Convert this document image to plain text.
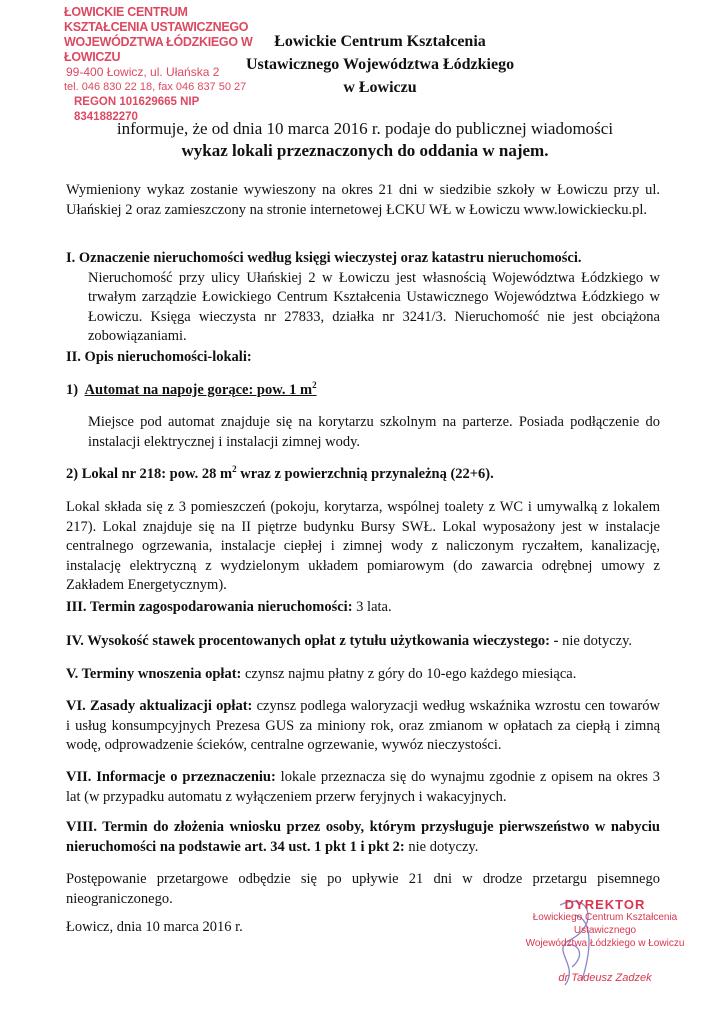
ŁOWICKIE CENTRUM KSZTAŁCENIA USTAWICZNEGO
WOJEWÓDZTWA ŁÓDZKIEGO W ŁOWICZU
99-400 Łowicz, ul. Ułańska 2
tel. 046 830 22 18, fax 046 837 50 27
REGON 101629665 NIP 8341882270
Łowickie Centrum Kształcenia
Ustawicznego Województwa Łódzkiego
w Łowiczu
informuje, że od dnia 10 marca 2016 r. podaje do publicznej wiadomości
wykaz lokali przeznaczonych do oddania w najem.
Wymieniony wykaz zostanie wywieszony na okres 21 dni w siedzibie szkoły w Łowiczu przy ul. Ułańskiej 2 oraz zamieszczony na stronie internetowej ŁCKU WŁ w Łowiczu www.lowickiecku.pl.
I. Oznaczenie nieruchomości według księgi wieczystej oraz katastru nieruchomości.
Nieruchomość przy ulicy Ułańskiej 2 w Łowiczu jest własnością Województwa Łódzkiego w trwałym zarządzie Łowickiego Centrum Kształcenia Ustawicznego Województwa Łódzkiego w Łowiczu. Księga wieczysta nr 27833, działka nr 3241/3. Nieruchomość nie jest obciążona zobowiązaniami.
II. Opis nieruchomości-lokali:
1) Automat na napoje gorące: pow. 1 $m^2$
Miejsce pod automat znajduje się na korytarzu szkolnym na parterze. Posiada podłączenie do instalacji elektrycznej i instalacji zimnej wody.
2) Lokal nr 218: pow. 28 $m^2$ wraz z powierzchnią przynależną (22+6).
Lokal składa się z 3 pomieszczeń (pokoju, korytarza, wspólnej toalety z WC i umywalką z lokalem 217). Lokal znajduje się na II piętrze budynku Bursy SWŁ. Lokal wyposażony jest w instalacje centralnego ogrzewania, instalacje ciepłej i zimnej wody z naliczonym ryczałtem, kanalizację, instalację elektryczną z wydzielonym układem pomiarowym (do zawarcia odrębnej umowy z Zakładem Energetycznym).
III. Termin zagospodarowania nieruchomości: 3 lata.
IV. Wysokość stawek procentowanych opłat z tytułu użytkowania wieczystego: - nie dotyczy.
V. Terminy wnoszenia opłat: czynsz najmu płatny z góry do 10-ego każdego miesiąca.
VI. Zasady aktualizacji opłat: czynsz podlega waloryzacji według wskaźnika wzrostu cen towarów i usług konsumpcyjnych Prezesa GUS za miniony rok, oraz zmianom w opłatach za ciepłą i zimną wodę, odprowadzenie ścieków, centralne ogrzewanie, wywóz nieczystości.
VII. Informacje o przeznaczeniu: lokale przeznacza się do wynajmu zgodnie z opisem na okres 3 lat (w przypadku automatu z wyłączeniem przerw feryjnych i wakacyjnych.
VIII. Termin do złożenia wniosku przez osoby, którym przysługuje pierwszeństwo w nabyciu nieruchomości na podstawie art. 34 ust. 1 pkt 1 i pkt 2: nie dotyczy.
Postępowanie przetargowe odbędzie się po upływie 21 dni w drodze przetargu pisemnego nieograniczonego.
Łowicz, dnia 10 marca 2016 r.
DYREKTOR
Łowickiego Centrum Kształcenia Ustawicznego
Województwa Łódzkiego w Łowiczu
dr Tadeusz Zadzek
